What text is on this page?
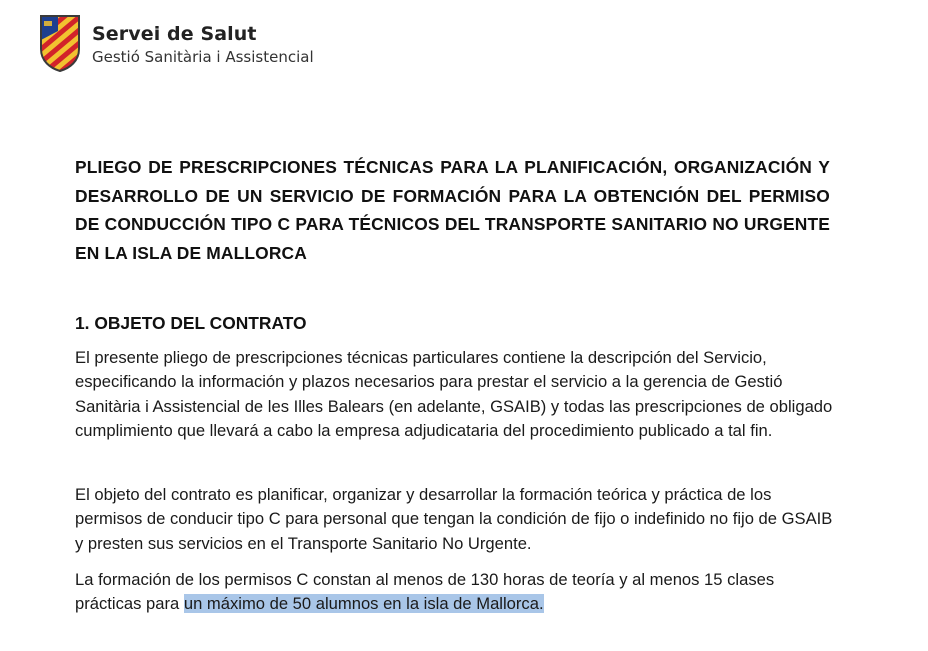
Servei de Salut
Gestió Sanitària i Assistencial
PLIEGO DE PRESCRIPCIONES TÉCNICAS PARA LA PLANIFICACIÓN, ORGANIZACIÓN Y DESARROLLO DE UN SERVICIO DE FORMACIÓN PARA LA OBTENCIÓN DEL PERMISO DE CONDUCCIÓN TIPO C PARA TÉCNICOS DEL TRANSPORTE SANITARIO NO URGENTE EN LA ISLA DE MALLORCA
1. OBJETO DEL CONTRATO

El presente pliego de prescripciones técnicas particulares contiene la descripción del Servicio, especificando la información y plazos necesarios para prestar el servicio a la gerencia de Gestió Sanitària i Assistencial de les Illes Balears (en adelante, GSAIB) y todas las prescripciones de obligado cumplimiento que llevará a cabo la empresa adjudicataria del procedimiento publicado a tal fin.

El objeto del contrato es planificar, organizar y desarrollar la formación teórica y práctica de los permisos de conducir tipo C para personal que tengan la condición de fijo o indefinido no fijo de GSAIB y presten sus servicios en el Transporte Sanitario No Urgente.

La formación de los permisos C constan al menos de 130 horas de teoría y al menos 15 clases prácticas para un máximo de 50 alumnos en la isla de Mallorca.
